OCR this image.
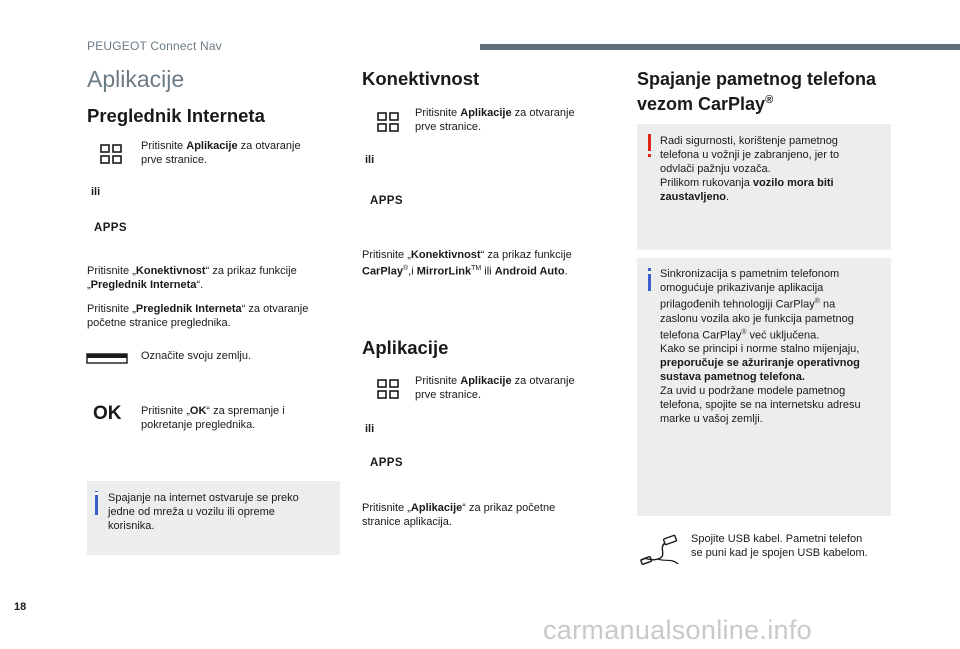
PEUGEOT Connect Nav
Aplikacije
Preglednik Interneta
Pritisnite Aplikacije za otvaranje
prve stranice.
ili
APPS
Pritisnite „Konektivnost“ za prikaz funkcije
„Preglednik Interneta“.
Pritisnite „Preglednik Interneta“ za otvaranje
početne stranice preglednika.
Označite svoju zemlju.
OK Pritisnite „OK“ za spremanje i
pokretanje preglednika.
Spajanje na internet ostvaruje se preko
jedne od mreža u vozilu ili opreme
korisnika.
Konektivnost
Pritisnite Aplikacije za otvaranje
prve stranice.
ili
APPS
Pritisnite „Konektivnost“ za prikaz funkcije
CarPlay®,i MirrorLink™ ili Android Auto.
Aplikacije
Pritisnite Aplikacije za otvaranje
prve stranice.
ili
APPS
Pritisnite „Aplikacije“ za prikaz početne
stranice aplikacija.
Spajanje pametnog telefona
vezom CarPlay®
Radi sigurnosti, korištenje pametnog
telefona u vožnji je zabranjeno, jer to
odvlači pažnju vozača.
Prilikom rukovanja vozilo mora biti
zaustavljeno.
Sinkronizacija s pametnim telefonom
omogućuje prikazivanje aplikacija
prilagođenih tehnologiji CarPlay® na
zaslonu vozila ako je funkcija pametnog
telefona CarPlay® već uključena.
Kako se principi i norme stalno mijenjaju,
preporučuje se ažuriranje operativnog
sustava pametnog telefona.
Za uvid u podržane modele pametnog
telefona, spojite se na internetsku adresu
marke u vašoj zemlji.
Spojite USB kabel. Pametni telefon
se puni kad je spojen USB kabelom.
18
carmanualsonline.info
